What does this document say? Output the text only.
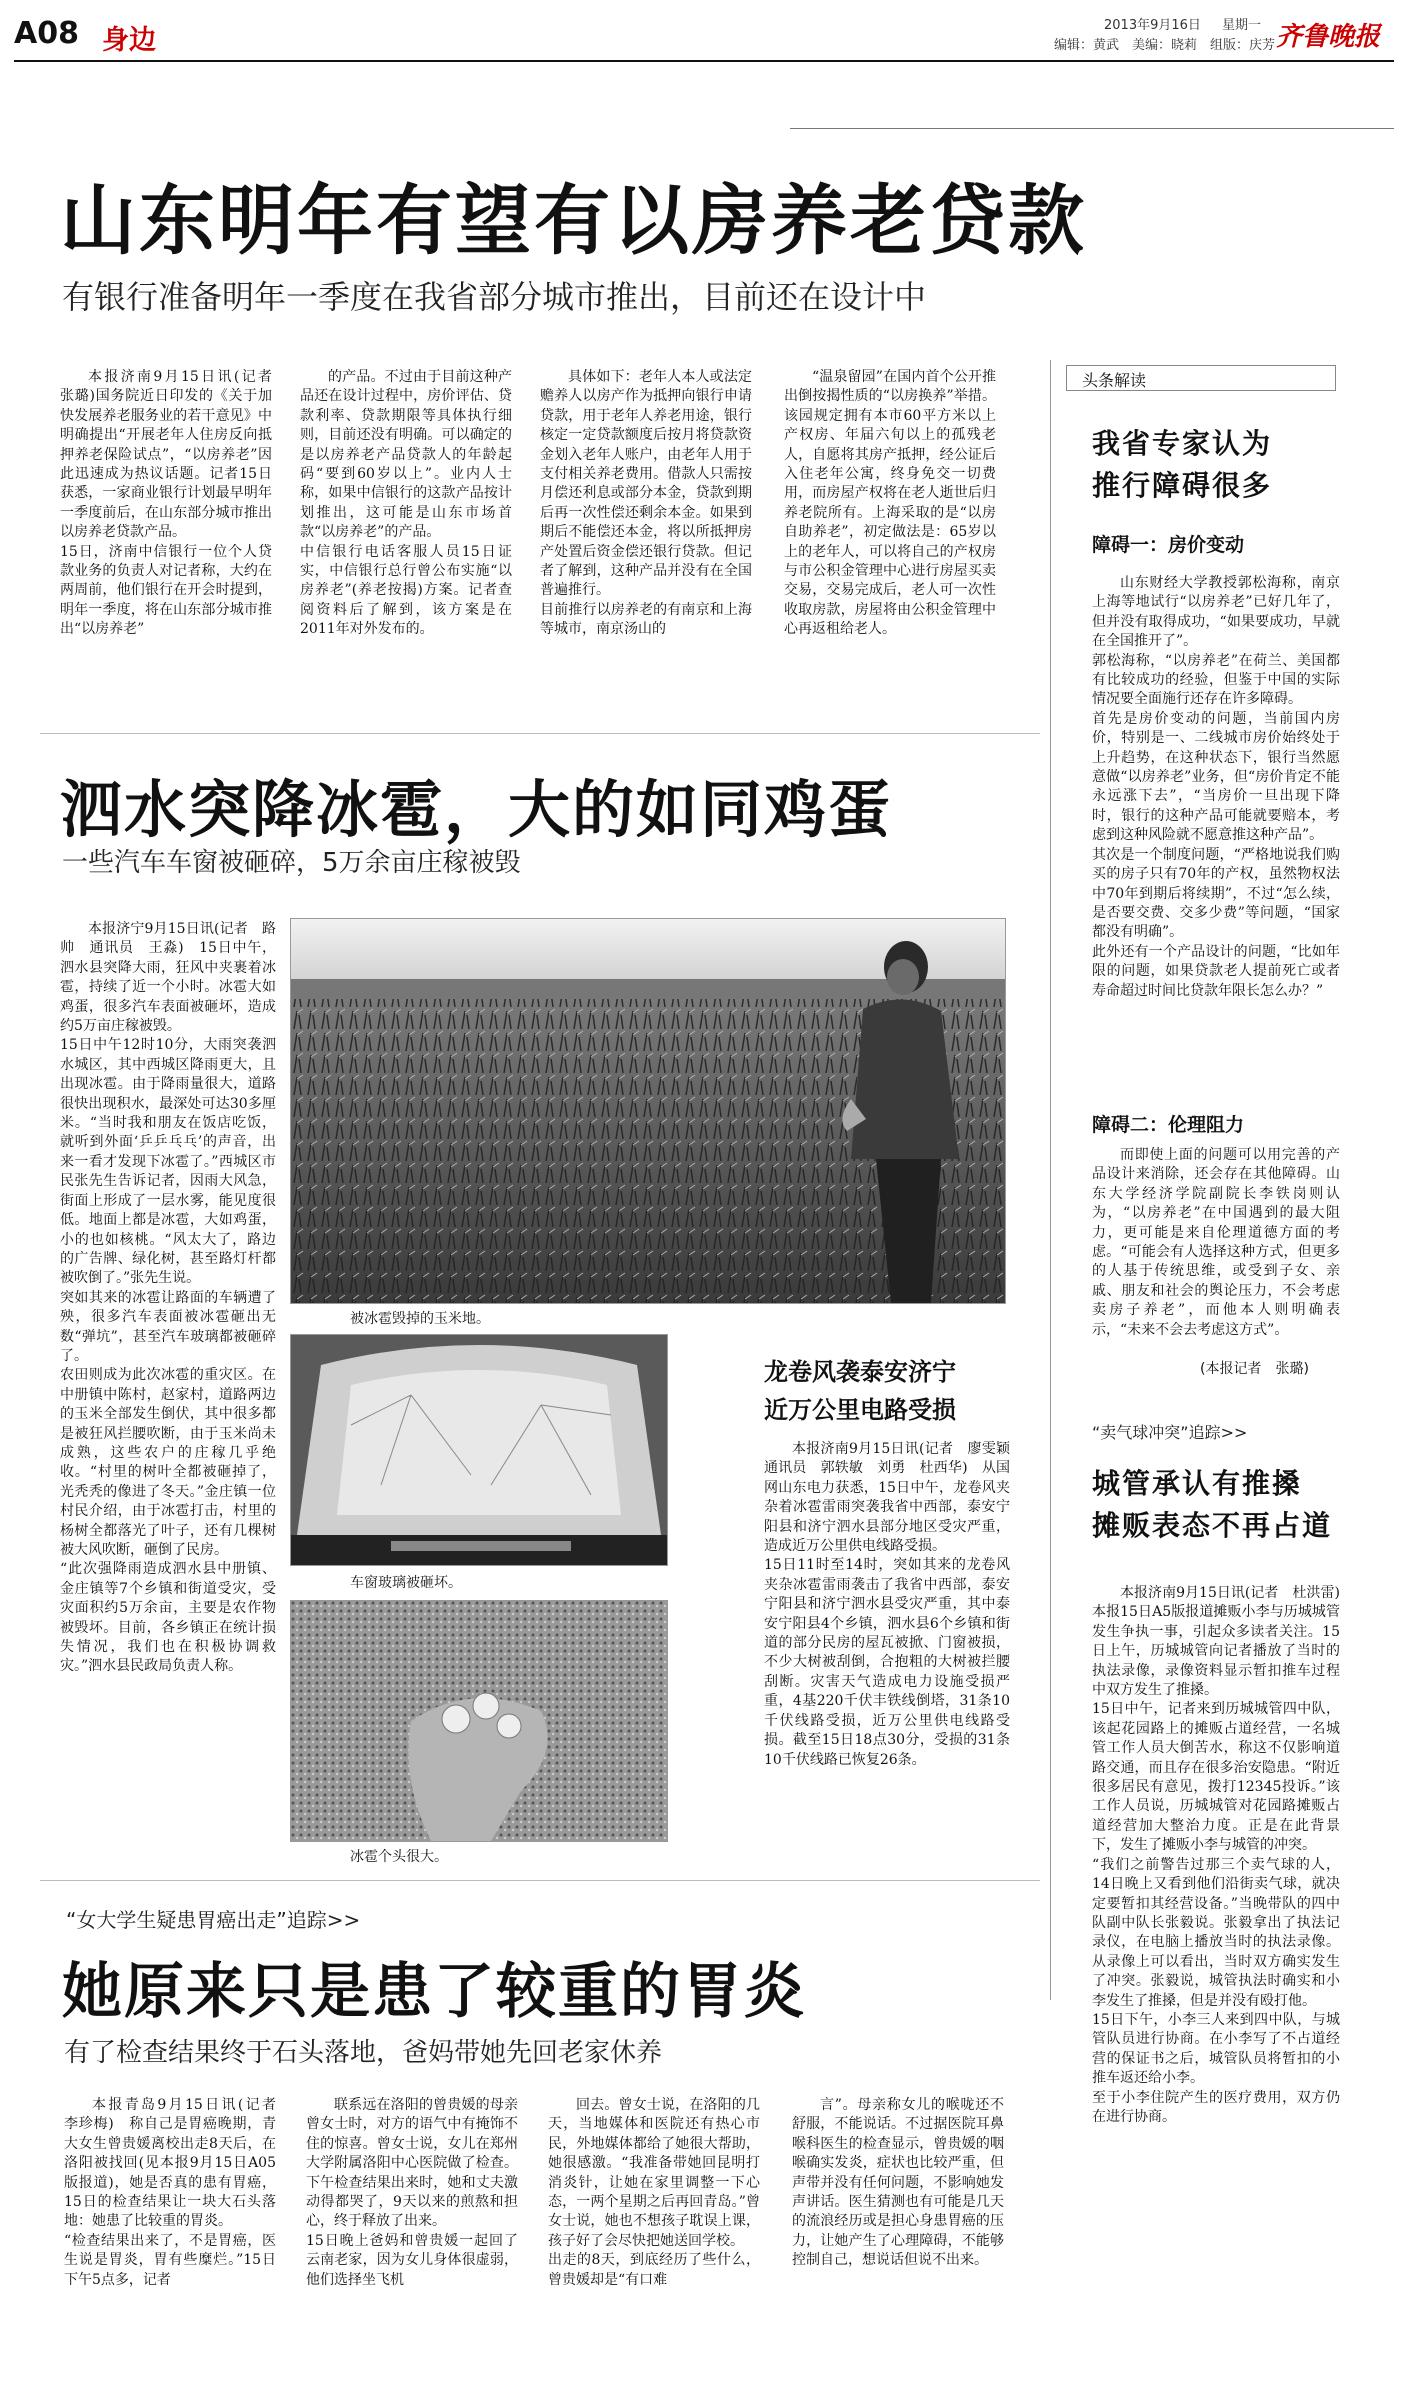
A08 身边	2013年9月16日 星期一
编辑：黄武　美编：晓莉　组版：庆芳 齐鲁晚报
山东明年有望有以房养老贷款
有银行准备明年一季度在我省部分城市推出，目前还在设计中
本报济南9月15日讯(记者　张璐)国务院近日印发的《关于加快发展养老服务业的若干意见》中明确提出“开展老年人住房反向抵押养老保险试点”，“以房养老”因此迅速成为热议话题。记者15日获悉，一家商业银行计划最早明年一季度前后，在山东部分城市推出以房养老贷款产品。
15日，济南中信银行一位个人贷款业务的负责人对记者称，大约在两周前，他们银行在开会时提到，明年一季度，将在山东部分城市推出“以房养老”
的产品。不过由于目前这种产品还在设计过程中，房价评估、贷款利率、贷款期限等具体执行细则，目前还没有明确。可以确定的是以房养老产品贷款人的年龄起码“要到60岁以上”。业内人士称，如果中信银行的这款产品按计划推出，这可能是山东市场首款“以房养老”的产品。
中信银行电话客服人员15日证实，中信银行总行曾公布实施“以房养老”(养老按揭)方案。记者查阅资料后了解到，该方案是在2011年对外发布的。
具体如下：老年人本人或法定赡养人以房产作为抵押向银行申请贷款，用于老年人养老用途，银行核定一定贷款额度后按月将贷款资金划入老年人账户，由老年人用于支付相关养老费用。借款人只需按月偿还利息或部分本金，贷款到期后再一次性偿还剩余本金。如果到期后不能偿还本金，将以所抵押房产处置后资金偿还银行贷款。但记者了解到，这种产品并没有在全国普遍推行。
目前推行以房养老的有南京和上海等城市，南京汤山的
“温泉留园”在国内首个公开推出倒按揭性质的“以房换养”举措。该园规定拥有本市60平方米以上产权房、年届六旬以上的孤残老人，自愿将其房产抵押，经公证后入住老年公寓，终身免交一切费用，而房屋产权将在老人逝世后归养老院所有。上海采取的是“以房自助养老”，初定做法是：65岁以上的老年人，可以将自己的产权房与市公积金管理中心进行房屋买卖交易，交易完成后，老人可一次性收取房款，房屋将由公积金管理中心再返租给老人。
头条解读
我省专家认为
推行障碍很多
障碍一：房价变动
山东财经大学教授郭松海称，南京上海等地试行“以房养老”已好几年了，但并没有取得成功，“如果要成功，早就在全国推开了”。
郭松海称，“以房养老”在荷兰、美国都有比较成功的经验，但鉴于中国的实际情况要全面施行还存在许多障碍。
首先是房价变动的问题，当前国内房价，特别是一、二线城市房价始终处于上升趋势，在这种状态下，银行当然愿意做“以房养老”业务，但“房价肯定不能永远涨下去”，“当房价一旦出现下降时，银行的这种产品可能就要赔本，考虑到这种风险就不愿意推这种产品”。
其次是一个制度问题，“严格地说我们购买的房子只有70年的产权，虽然物权法中70年到期后将续期”，不过“怎么续，是否要交费、交多少费”等问题，“国家都没有明确”。
此外还有一个产品设计的问题，“比如年限的问题，如果贷款老人提前死亡或者寿命超过时间比贷款年限长怎么办？”
障碍二：伦理阻力
而即使上面的问题可以用完善的产品设计来消除，还会存在其他障碍。山东大学经济学院副院长李铁岗则认为，“以房养老”在中国遇到的最大阻力，更可能是来自伦理道德方面的考虑。“可能会有人选择这种方式，但更多的人基于传统思维，或受到子女、亲戚、朋友和社会的舆论压力，不会考虑卖房子养老”，而他本人则明确表示，“未来不会去考虑这方式”。
(本报记者　张璐)
“卖气球冲突”追踪>>
城管承认有推搡
摊贩表态不再占道
本报济南9月15日讯(记者　杜洪雷)　本报15日A5版报道摊贩小李与历城城管发生争执一事，引起众多读者关注。15日上午，历城城管向记者播放了当时的执法录像，录像资料显示暂扣推车过程中双方发生了推搡。
15日中午，记者来到历城城管四中队，该起花园路上的摊贩占道经营，一名城管工作人员大倒苦水，称这不仅影响道路交通，而且存在很多治安隐患。“附近很多居民有意见，拨打12345投诉。”该工作人员说，历城城管对花园路摊贩占道经营加大整治力度。正是在此背景下，发生了摊贩小李与城管的冲突。
“我们之前警告过那三个卖气球的人，14日晚上又看到他们沿街卖气球，就决定要暂扣其经营设备。”当晚带队的四中队副中队长张毅说。张毅拿出了执法记录仪，在电脑上播放当时的执法录像。从录像上可以看出，当时双方确实发生了冲突。张毅说，城管执法时确实和小李发生了推搡，但是并没有殴打他。
15日下午，小李三人来到四中队，与城管队员进行协商。在小李写了不占道经营的保证书之后，城管队员将暂扣的小推车返还给小李。
至于小李住院产生的医疗费用，双方仍在进行协商。
泗水突降冰雹，大的如同鸡蛋
一些汽车车窗被砸碎，5万余亩庄稼被毁
本报济宁9月15日讯(记者　路帅　通讯员　王淼)　15日中午，泗水县突降大雨，狂风中夹裹着冰雹，持续了近一个小时。冰雹大如鸡蛋，很多汽车表面被砸坏，造成约5万亩庄稼被毁。
15日中午12时10分，大雨突袭泗水城区，其中西城区降雨更大，且出现冰雹。由于降雨量很大，道路很快出现积水，最深处可达30多厘米。“当时我和朋友在饭店吃饭，就听到外面‘乒乒乓乓’的声音，出来一看才发现下冰雹了。”西城区市民张先生告诉记者，因雨大风急，街面上形成了一层水雾，能见度很低。地面上都是冰雹，大如鸡蛋，小的也如核桃。“风太大了，路边的广告牌、绿化树，甚至路灯杆都被吹倒了。”张先生说。
突如其来的冰雹让路面的车辆遭了殃，很多汽车表面被冰雹砸出无数“弹坑”，甚至汽车玻璃都被砸碎了。
农田则成为此次冰雹的重灾区。在中册镇中陈村，赵家村，道路两边的玉米全部发生倒伏，其中很多都是被狂风拦腰吹断，由于玉米尚未成熟，这些农户的庄稼几乎绝收。“村里的树叶全都被砸掉了，光秃秃的像进了冬天。”金庄镇一位村民介绍，由于冰雹打击，村里的杨树全都落光了叶子，还有几棵树被大风吹断，砸倒了民房。
“此次强降雨造成泗水县中册镇、金庄镇等7个乡镇和街道受灾，受灾面积约5万余亩，主要是农作物被毁坏。目前，各乡镇正在统计损失情况，我们也在积极协调救灾。”泗水县民政局负责人称。
被冰雹毁掉的玉米地。
车窗玻璃被砸坏。
冰雹个头很大。
龙卷风袭泰安济宁
近万公里电路受损
本报济南9月15日讯(记者　廖雯颖　通讯员　郭轶敏　刘勇　杜西华)　从国网山东电力获悉，15日中午，龙卷风夹杂着冰雹雷雨突袭我省中西部，泰安宁阳县和济宁泗水县部分地区受灾严重，造成近万公里供电线路受损。
15日11时至14时，突如其来的龙卷风夹杂冰雹雷雨袭击了我省中西部，泰安宁阳县和济宁泗水县受灾严重，其中泰安宁阳县4个乡镇，泗水县6个乡镇和街道的部分民房的屋瓦被掀、门窗被损，不少大树被刮倒，合抱粗的大树被拦腰刮断。灾害天气造成电力设施受损严重，4基220千伏丰铁线倒塔，31条10千伏线路受损，近万公里供电线路受损。截至15日18点30分，受损的31条10千伏线路已恢复26条。
“女大学生疑患胃癌出走”追踪>>
她原来只是患了较重的胃炎
有了检查结果终于石头落地，爸妈带她先回老家休养
本报青岛9月15日讯(记者　李珍梅)　称自己是胃癌晚期，青大女生曾贵媛离校出走8天后，在洛阳被找回(见本报9月15日A05版报道)，她是否真的患有胃癌，15日的检查结果让一块大石头落地：她患了比较重的胃炎。
“检查结果出来了，不是胃癌，医生说是胃炎，胃有些糜烂。”15日下午5点多，记者
联系远在洛阳的曾贵媛的母亲曾女士时，对方的语气中有掩饰不住的惊喜。曾女士说，女儿在郑州大学附属洛阳中心医院做了检查。下午检查结果出来时，她和丈夫激动得都哭了，9天以来的煎熬和担心，终于释放了出来。
15日晚上爸妈和曾贵媛一起回了云南老家，因为女儿身体很虚弱，他们选择坐飞机
回去。曾女士说，在洛阳的几天，当地媒体和医院还有热心市民，外地媒体都给了她很大帮助，她很感激。“我准备带她回昆明打消炎针，让她在家里调整一下心态，一两个星期之后再回青岛。”曾女士说，她也不想孩子耽误上课，孩子好了会尽快把她送回学校。
出走的8天，到底经历了些什么，曾贵媛却是“有口难
言”。母亲称女儿的喉咙还不舒服，不能说话。不过据医院耳鼻喉科医生的检查显示，曾贵媛的咽喉确实发炎，症状也比较严重，但声带并没有任何问题，不影响她发声讲话。医生猜测也有可能是几天的流浪经历或是担心身患胃癌的压力，让她产生了心理障碍，不能够控制自己，想说话但说不出来。
